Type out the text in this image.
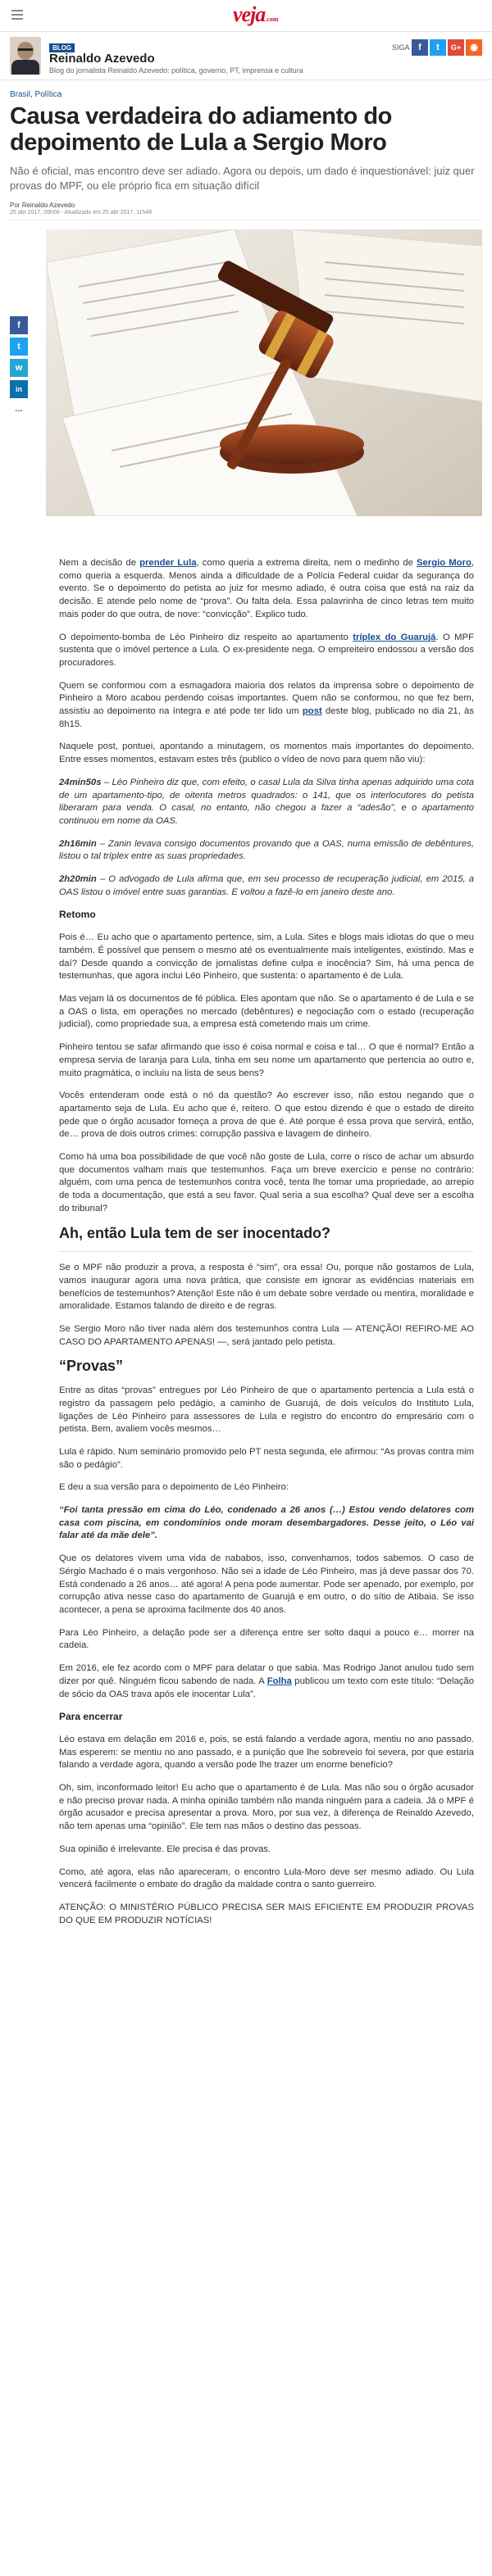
veja.com
BLOG
Reinaldo Azevedo
Blog do jornalista Reinaldo Azevedo: política, governo, PT, imprensa e cultura
SIGA f	t	G+	◉
Brasil, Política
Causa verdadeira do adiamento do depoimento de Lula a Sergio Moro

Não é oficial, mas encontro deve ser adiado. Agora ou depois, um dado é inquestionável: juiz quer provas do MPF, ou ele próprio fica em situação difícil

Por Reinaldo Azevedo
25 abr 2017, 09h08 - Atualizado em 25 abr 2017, 11h48
f
t
w
in
•••

Nem a decisão de prender Lula, como queria a extrema direita, nem o medinho de Sergio Moro, como queria a esquerda. Menos ainda a dificuldade de a Polícia Federal cuidar da segurança do evento. Se o depoimento do petista ao juiz for mesmo adiado, é outra coisa que está na raiz da decisão. E atende pelo nome de “prova”. Ou falta dela. Essa palavrinha de cinco letras tem muito mais poder do que outra, de nove: “convicção”. Explico tudo.

O depoimento-bomba de Léo Pinheiro diz respeito ao apartamento tríplex do Guarujá. O MPF sustenta que o imóvel pertence a Lula. O ex-presidente nega. O empreiteiro endossou a versão dos procuradores.

Quem se conformou com a esmagadora maioria dos relatos da imprensa sobre o depoimento de Pinheiro a Moro acabou perdendo coisas importantes. Quem não se conformou, no que fez bem, assistiu ao depoimento na íntegra e até pode ter lido um post deste blog, publicado no dia 21, às 8h15.

Naquele post, pontuei, apontando a minutagem, os momentos mais importantes do depoimento. Entre esses momentos, estavam estes três (publico o vídeo de novo para quem não viu):

24min50s – Léo Pinheiro diz que, com efeito, o casal Lula da Silva tinha apenas adquirido uma cota de um apartamento-tipo, de oitenta metros quadrados: o 141, que os interlocutores do petista liberaram para venda. O casal, no entanto, não chegou a fazer a “adesão”, e o apartamento continuou em nome da OAS.

2h16min – Zanin levava consigo documentos provando que a OAS, numa emissão de debêntures, listou o tal tríplex entre as suas propriedades.

2h20min – O advogado de Lula afirma que, em seu processo de recuperação judicial, em 2015, a OAS listou o imóvel entre suas garantias. E voltou a fazê-lo em janeiro deste ano.

Retomo

Pois é… Eu acho que o apartamento pertence, sim, a Lula. Sites e blogs mais idiotas do que o meu também. É possível que pensem o mesmo até os eventualmente mais inteligentes, existindo. Mas e daí? Desde quando a convicção de jornalistas define culpa e inocência? Sim, há uma penca de testemunhas, que agora inclui Léo Pinheiro, que sustenta: o apartamento é de Lula.

Mas vejam lá os documentos de fé pública. Eles apontam que não. Se o apartamento é de Lula e se a OAS o lista, em operações no mercado (debêntures) e negociação com o estado (recuperação judicial), como propriedade sua, a empresa está cometendo mais um crime.

Pinheiro tentou se safar afirmando que isso é coisa normal e coisa e tal… O que é normal? Então a empresa servia de laranja para Lula, tinha em seu nome um apartamento que pertencia ao outro e, muito pragmática, o incluiu na lista de seus bens?

Vocês entenderam onde está o nó da questão? Ao escrever isso, não estou negando que o apartamento seja de Lula. Eu acho que é, reitero. O que estou dizendo é que o estado de direito pede que o órgão acusador forneça a prova de que é. Até porque é essa prova que servirá, então, de… prova de dois outros crimes: corrupção passiva e lavagem de dinheiro.

Como há uma boa possibilidade de que você não goste de Lula, corre o risco de achar um absurdo que documentos valham mais que testemunhos. Faça um breve exercício e pense no contrário: alguém, com uma penca de testemunhos contra você, tenta lhe tomar uma propriedade, ao arrepio de toda a documentação, que está a seu favor. Qual seria a sua escolha? Qual deve ser a escolha do tribunal?

Ah, então Lula tem de ser inocentado?

Se o MPF não produzir a prova, a resposta é “sim”, ora essa! Ou, porque não gostamos de Lula, vamos inaugurar agora uma nova prática, que consiste em ignorar as evidências materiais em benefícios de testemunhos? Atenção! Este não é um debate sobre verdade ou mentira, moralidade e amoralidade. Estamos falando de direito e de regras.

Se Sergio Moro não tiver nada além dos testemunhos contra Lula — ATENÇÃO! REFIRO-ME AO CASO DO APARTAMENTO APENAS! —, será jantado pelo petista.

“Provas”

Entre as ditas “provas” entregues por Léo Pinheiro de que o apartamento pertencia a Lula está o registro da passagem pelo pedágio, a caminho de Guarujá, de dois veículos do Instituto Lula, ligações de Léo Pinheiro para assessores de Lula e registro do encontro do empresário com o petista. Bem, avaliem vocês mesmos…

Lula é rápido. Num seminário promovido pelo PT nesta segunda, ele afirmou: “As provas contra mim são o pedágio”.

E deu a sua versão para o depoimento de Léo Pinheiro:

“Foi tanta pressão em cima do Léo, condenado a 26 anos (…) Estou vendo delatores com casa com piscina, em condomínios onde moram desembargadores. Desse jeito, o Léo vai falar até da mãe dele”.

Que os delatores vivem uma vida de nababos, isso, convenhamos, todos sabemos. O caso de Sérgio Machado é o mais vergonhoso. Não sei a idade de Léo Pinheiro, mas já deve passar dos 70. Está condenado a 26 anos… até agora! A pena pode aumentar. Pode ser apenado, por exemplo, por corrupção ativa nesse caso do apartamento de Guarujá e em outro, o do sítio de Atibaia. Se isso acontecer, a pena se aproxima facilmente dos 40 anos.

Para Léo Pinheiro, a delação pode ser a diferença entre ser solto daqui a pouco e… morrer na cadeia.

Em 2016, ele fez acordo com o MPF para delatar o que sabia. Mas Rodrigo Janot anulou tudo sem dizer por quê. Ninguém ficou sabendo de nada. A Folha publicou um texto com este título: “Delação de sócio da OAS trava após ele inocentar Lula”.

Para encerrar

Léo estava em delação em 2016 e, pois, se está falando a verdade agora, mentiu no ano passado. Mas esperem: se mentiu no ano passado, e a punição que lhe sobreveio foi severa, por que estaria falando a verdade agora, quando a versão pode lhe trazer um enorme benefício?

Oh, sim, inconformado leitor! Eu acho que o apartamento é de Lula. Mas não sou o órgão acusador e não preciso provar nada. A minha opinião também não manda ninguém para a cadeia. Já o MPF é órgão acusador e precisa apresentar a prova. Moro, por sua vez, à diferença de Reinaldo Azevedo, não tem apenas uma “opinião”. Ele tem nas mãos o destino das pessoas.

Sua opinião é irrelevante. Ele precisa é das provas.

Como, até agora, elas não apareceram, o encontro Lula-Moro deve ser mesmo adiado. Ou Lula vencerá facilmente o embate do dragão da maldade contra o santo guerreiro.

ATENÇÃO: O MINISTÉRIO PÚBLICO PRECISA SER MAIS EFICIENTE EM PRODUZIR PROVAS DO QUE EM PRODUZIR NOTÍCIAS!
